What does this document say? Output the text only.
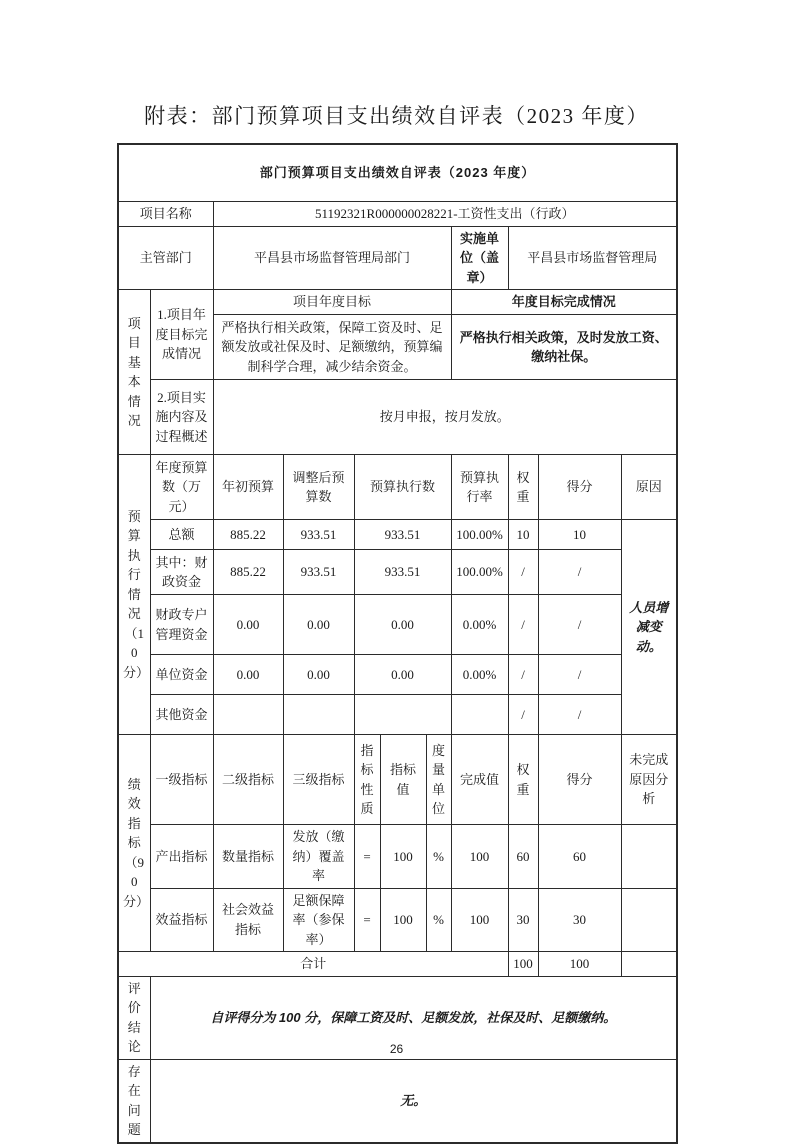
附表：部门预算项目支出绩效自评表（2023 年度）
部门预算项目支出绩效自评表（2023 年度）										
项目名称		51192321R000000028221-工资性支出（行政）								
主管部门		平昌县市场监督管理局部门					实施单位（盖章）	平昌县市场监督管理局		
项目基本情况	1.项目年度目标完成情况	项目年度目标					年度目标完成情况			
		严格执行相关政策，保障工资及时、足额发放或社保及时、足额缴纳，预算编制科学合理，减少结余资金。					严格执行相关政策，及时发放工资、缴纳社保。			
	2.项目实施内容及过程概述	按月申报，按月发放。								
预算执行情况（10分）	年度预算数（万元）	年初预算	调整后预算数	预算执行数			预算执行率	权重	得分	原因
	总额	885.22	933.51	933.51			100.00%	10	10	人员增减变动。
	其中：财政资金	885.22	933.51	933.51			100.00%	/	/	
	财政专户管理资金	0.00	0.00	0.00			0.00%	/	/	
	单位资金	0.00	0.00	0.00			0.00%	/	/	
	其他资金							/	/	
绩效指标（90分）	一级指标	二级指标	三级指标	指标性质	指标值	度量单位	完成值	权重	得分	未完成原因分析
	产出指标	数量指标	发放（缴纳）覆盖率	=	100	%	100	60	60	
	效益指标	社会效益指标	足额保障率（参保率）	=	100	%	100	30	30	
合计								100	100	
评价结论	自评得分为 100 分，保障工资及时、足额发放，社保及时、足额缴纳。									
存在问题	无。									
26
